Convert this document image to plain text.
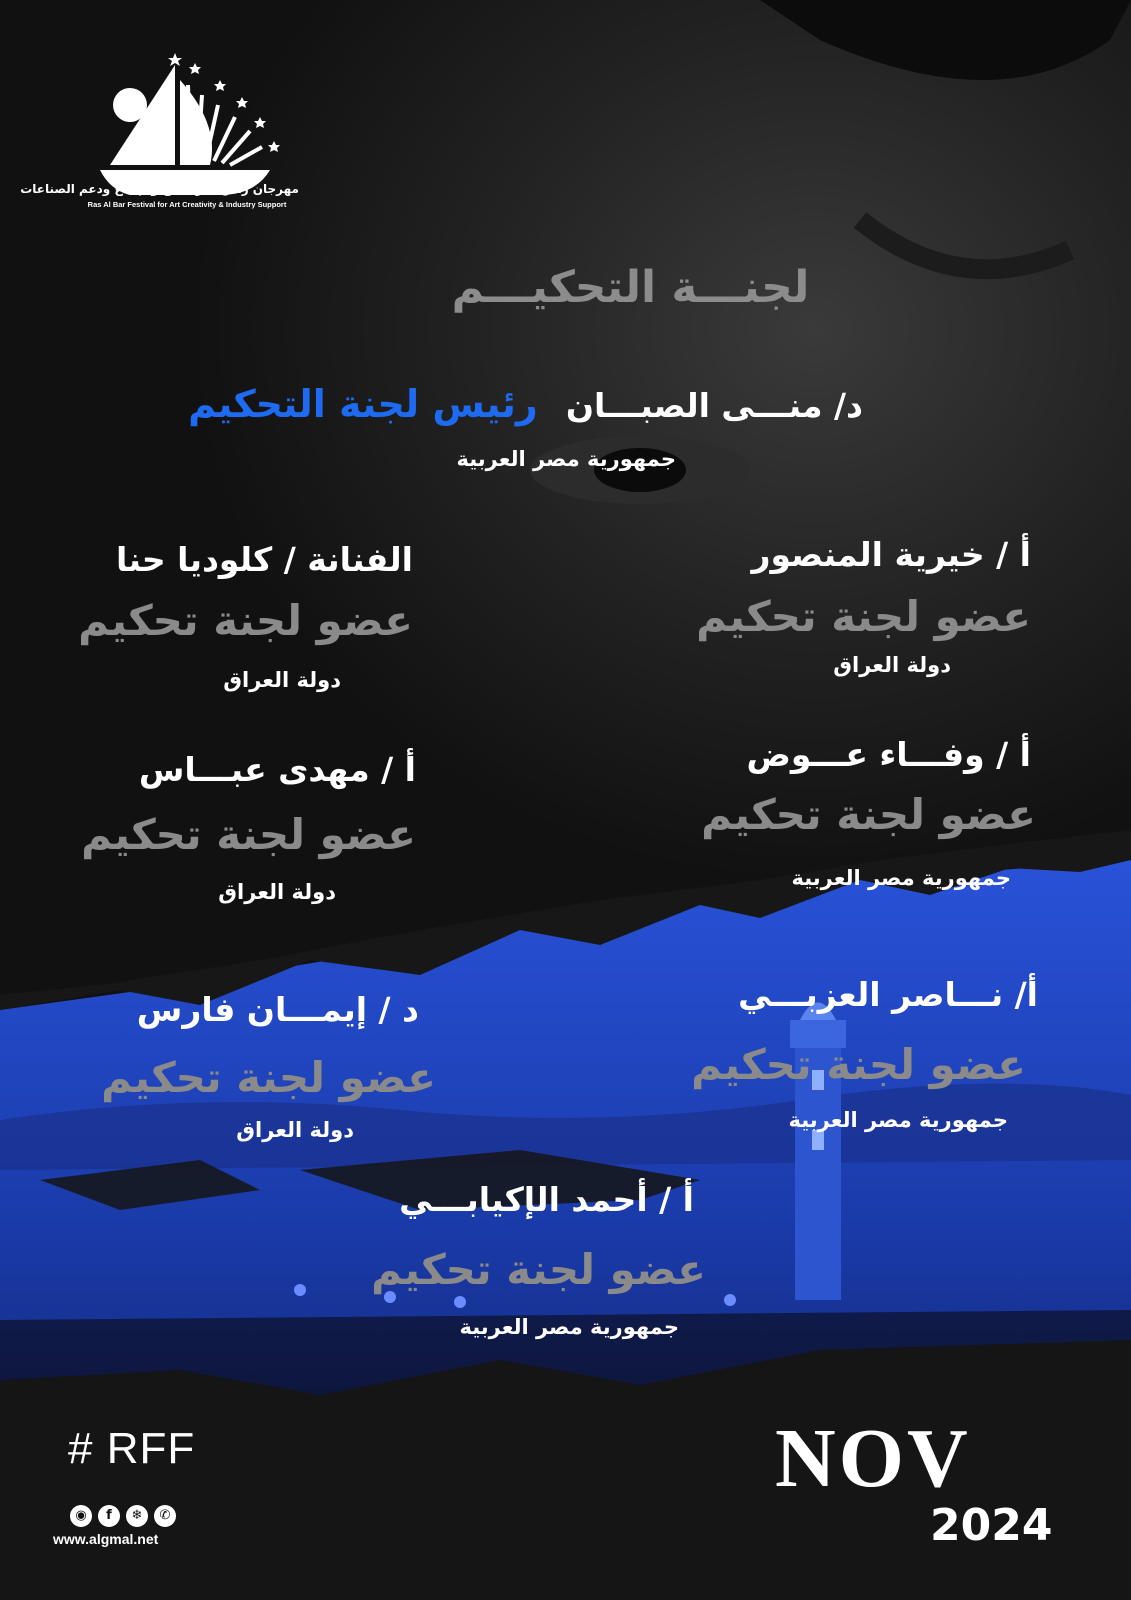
مهرجان راس البر للفن والإبداع ودعم الصناعات
Ras Al Bar Festival for Art Creativity & Industry Support
لجنـــة التحكيـــم
د/ منـــى الصبـــان
رئيس لجنة التحكيم
جمهورية مصر العربية
أ / خيرية المنصور
عضو لجنة تحكيم
دولة العراق
الفنانة / كلوديا حنا
عضو لجنة تحكيم
دولة العراق
أ / وفـــاء عـــوض
عضو لجنة تحكيم
جمهورية مصر العربية
أ / مهدى عبـــاس
عضو لجنة تحكيم
دولة العراق
أ/ نـــاصر العزبـــي
عضو لجنة تحكيم
جمهورية مصر العربية
د / إيمـــان فارس
عضو لجنة تحكيم
دولة العراق
أ / أحمد الإكيابـــي
عضو لجنة تحكيم
جمهورية مصر العربية
# RFF	NOV
2024
◉	f	❄	✆
www.algmal.net
